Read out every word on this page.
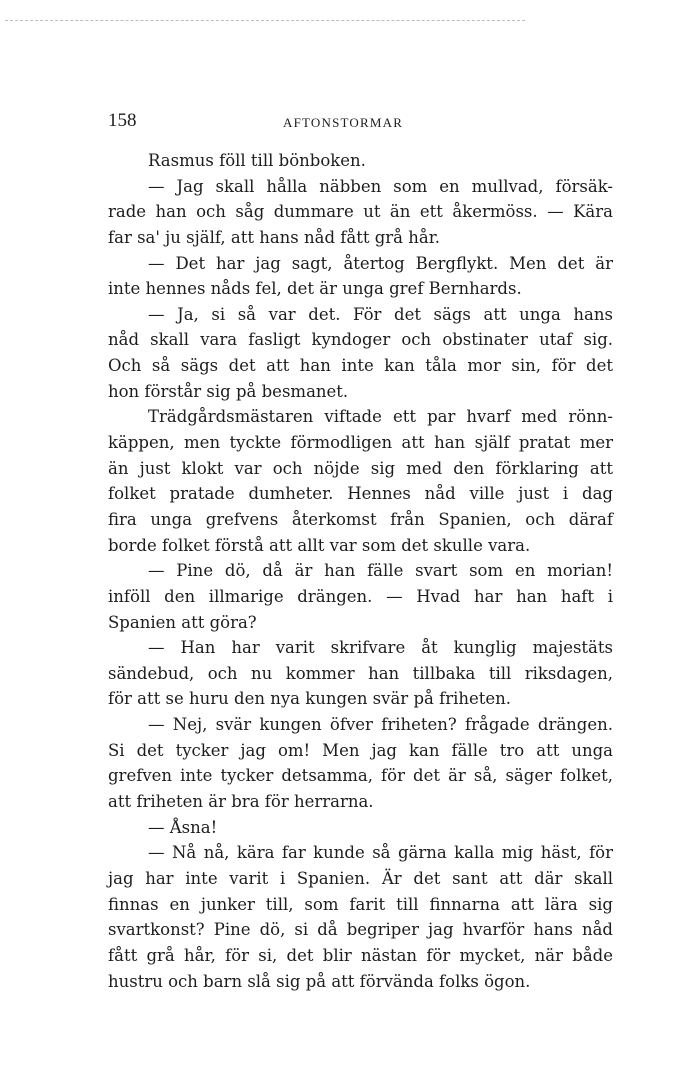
158	AFTONSTORMAR
Rasmus föll till bönboken.
— Jag skall hålla näbben som en mullvad, försäk-
rade han och såg dummare ut än ett åkermöss. — Kära
far sa' ju själf, att hans nåd fått grå hår.
— Det har jag sagt, återtog Bergflykt. Men det är
inte hennes nåds fel, det är unga gref Bernhards.
— Ja, si så var det. För det sägs att unga hans
nåd skall vara fasligt kyndoger och obstinater utaf sig.
Och så sägs det att han inte kan tåla mor sin, för det
hon förstår sig på besmanet.
Trädgårdsmästaren viftade ett par hvarf med rönn-
käppen, men tyckte förmodligen att han själf pratat mer
än just klokt var och nöjde sig med den förklaring att
folket pratade dumheter. Hennes nåd ville just i dag
fira unga grefvens återkomst från Spanien, och däraf
borde folket förstå att allt var som det skulle vara.
— Pine dö, då är han fälle svart som en morian!
inföll den illmarige drängen. — Hvad har han haft i
Spanien att göra?
— Han har varit skrifvare åt kunglig majestäts
sändebud, och nu kommer han tillbaka till riksdagen,
för att se huru den nya kungen svär på friheten.
— Nej, svär kungen öfver friheten? frågade drängen.
Si det tycker jag om! Men jag kan fälle tro att unga
grefven inte tycker detsamma, för det är så, säger folket,
att friheten är bra för herrarna.
— Åsna!
— Nå nå, kära far kunde så gärna kalla mig häst, för
jag har inte varit i Spanien. Är det sant att där skall
finnas en junker till, som farit till finnarna att lära sig
svartkonst? Pine dö, si då begriper jag hvarför hans nåd
fått grå hår, för si, det blir nästan för mycket, när både
hustru och barn slå sig på att förvända folks ögon.
